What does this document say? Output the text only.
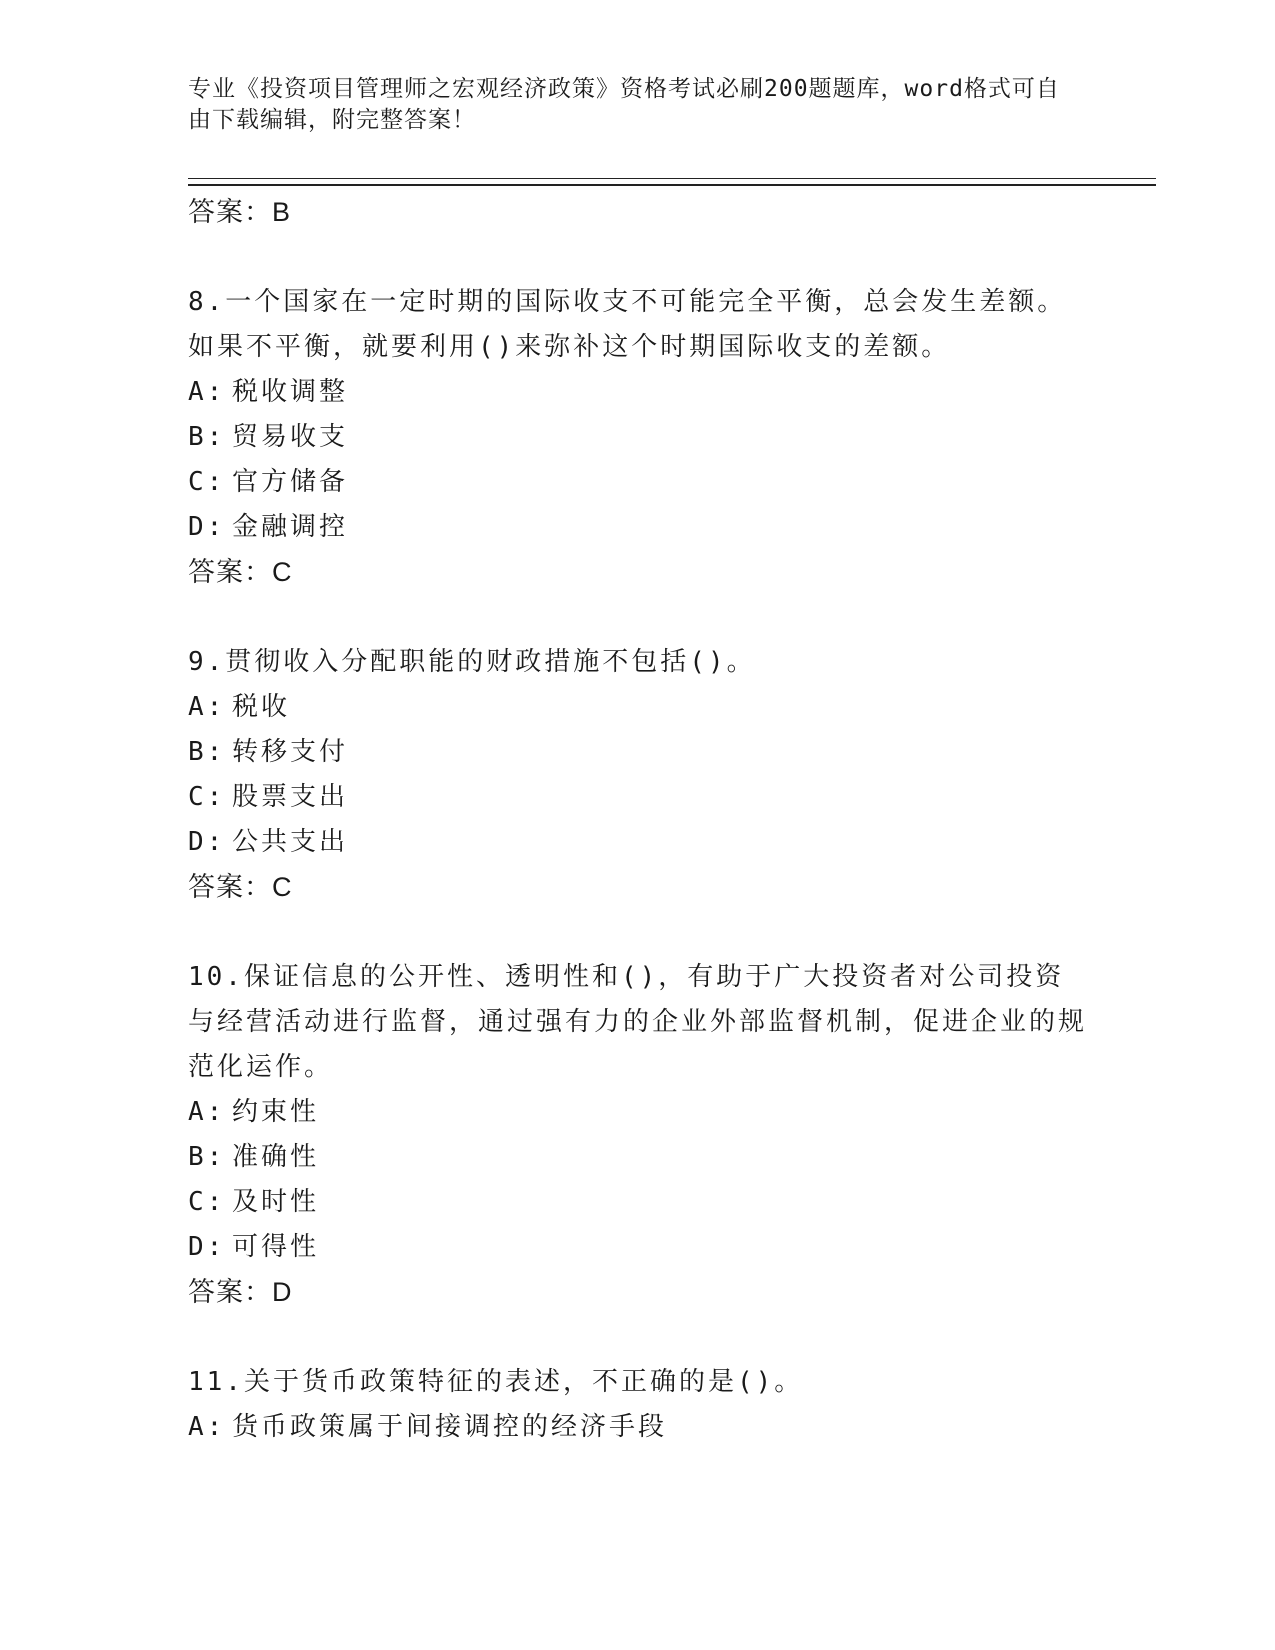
专业《投资项目管理师之宏观经济政策》资格考试必刷200题题库，word格式可自由下载编辑，附完整答案！
答案：B

8.一个国家在一定时期的国际收支不可能完全平衡，总会发生差额。如果不平衡，就要利用()来弥补这个时期国际收支的差额。

A: 税收调整
B: 贸易收支
C: 官方储备
D: 金融调控
答案：C

9.贯彻收入分配职能的财政措施不包括()。

A: 税收
B: 转移支付
C: 股票支出
D: 公共支出
答案：C

10.保证信息的公开性、透明性和()，有助于广大投资者对公司投资与经营活动进行监督，通过强有力的企业外部监督机制，促进企业的规范化运作。

A: 约束性
B: 准确性
C: 及时性
D: 可得性
答案：D

11.关于货币政策特征的表述，不正确的是()。

A: 货币政策属于间接调控的经济手段
